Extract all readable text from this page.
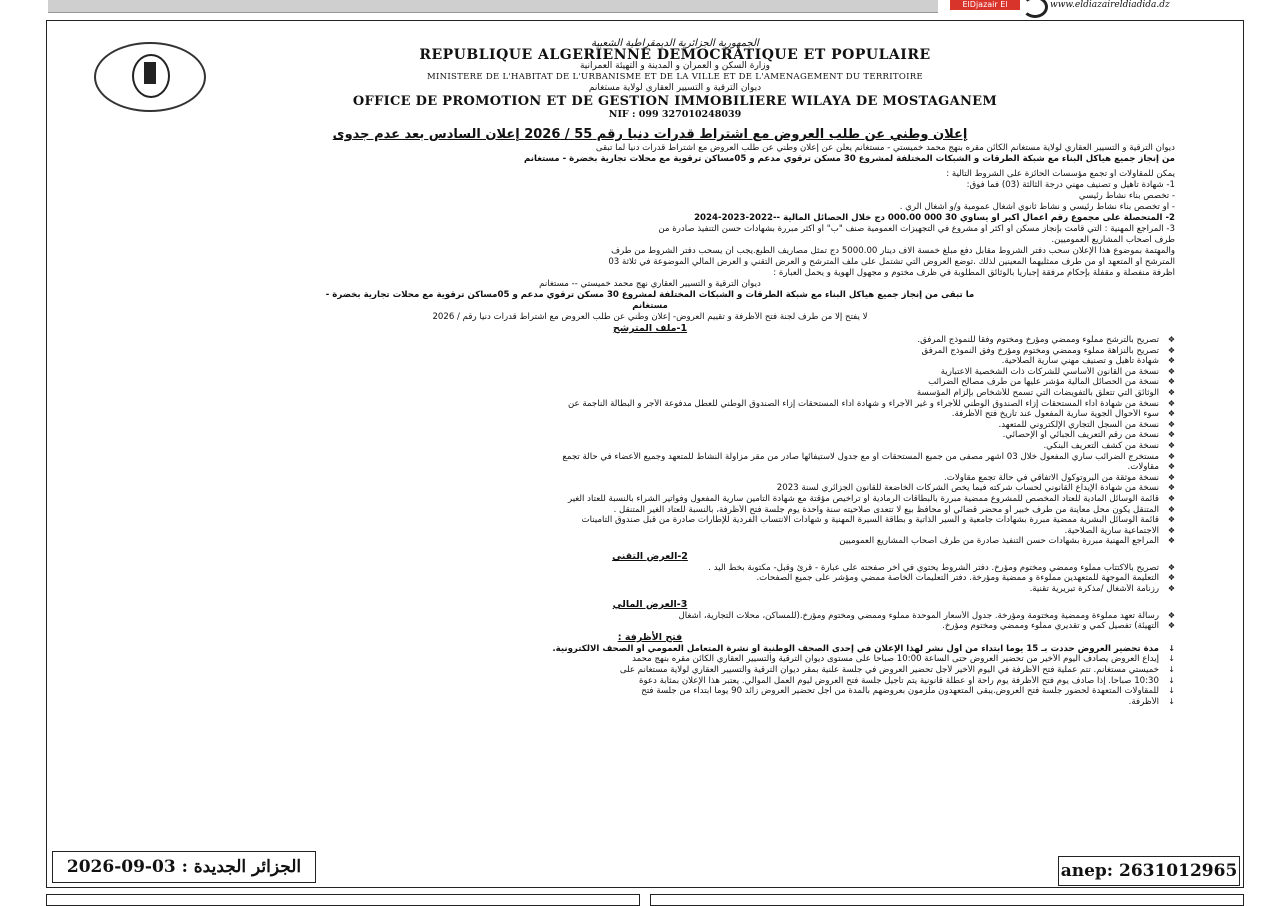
ElDjazair El Djadida
www.eldiazaireldiadida.dz
الجمهورية الجزائرية الديمقراطية الشعبية
REPUBLIQUE ALGERIENNE DEMOCRATIQUE ET POPULAIRE
وزارة السكن و العمران و المدينة و التهيئة العمرانية
MINISTERE DE L'HABITAT DE L'URBANISME ET DE LA VILLE ET DE L'AMENAGEMENT DU TERRITOIRE
ديوان الترقية و التسيير العقاري لولاية مستغانم
OFFICE DE PROMOTION ET DE GESTION IMMOBILIERE WILAYA DE MOSTAGANEM
NIF : 099 327010248039
إعلان وطني عن طلب العروض مع اشتراط قدرات دنيا رقم 55 / 2026 إعلان السادس بعد عدم جدوى
ديوان الترقية و التسيير العقاري لولاية مستغانم الكائن مقره بنهج محمد خميستي - مستغانم يعلن عن إعلان وطني عن طلب العروض مع اشتراط قدرات دنيا لما تبقى
من إنجاز جميع هياكل البناء مع شبكة الطرقات و الشبكات المختلفة لمشروع 30 مسكن ترقوي مدعم و 05مساكن ترقوية مع محلات تجارية بخضرة - مستغانم
يمكن للمقاولات أو تجمع مؤسسات الحائزة على الشروط التالية :
1- شهادة تأهيل و تصنيف مهني درجة الثالثة (03) فما فوق:
- تخصص بناء نشاط رئيسي
- أو تخصص بناء نشاط رئيسي و نشاط ثانوي أشغال عمومية و/و أشغال الري .
2- المتحصلة على مجموع رقم أعمال أكبر أو يساوي 30 000 000.00 دج خلال الحصائل المالية --2022-2023-2024
3- المراجع المهنية : التي قامت بإنجاز مسكن أو أكثر أو مشروع في التجهيزات العمومية صنف "ب" أو أكثر مبررة بشهادات حسن التنفيذ صادرة من
طرف أصحاب المشاريع العموميين.
والمهتمة بموضوع هذا الإعلان سحب دفتر الشروط مقابل دفع مبلغ خمسة آلاف دينار 5000.00 دج تمثل مصاريف الطبع.يجب أن يسحب دفتر الشروط من طرف
المترشح أو المتعهد أو من طرف ممثليهما المعينين لذلك .توضع العروض التي تشتمل على ملف المترشح و العرض التقني و العرض المالي الموضوعة في ثلاثة 03
أظرفة منفصلة و مقفلة بإحكام مرفقة إجباريا بالوثائق المطلوبة في ظرف مختوم و مجهول الهوية و يحمل العبارة :
ديوان الترقية و التسيير العقاري نهج محمد خميستي -- مستغانم
ما تبقى من إنجاز جميع هياكل البناء مع شبكة الطرقات و الشبكات المختلفة لمشروع 30 مسكن ترقوي مدعم و 05مساكن ترقوية مع محلات تجارية بخضرة -
مستغانم
لا يفتح إلا من طرف لجنة فتح الأظرفة و تقييم العروض- إعلان وطني عن طلب العروض مع اشتراط قدرات دنيا رقم / 2026
1-ملف المترشح
❖ تصريح بالترشح مملوء وممضي ومؤرخ ومختوم وفقا للنموذج المرفق.
❖ تصريح بالنزاهة مملوء وممضي ومختوم ومؤرخ وفق النموذج المرفق
❖ شهادة تأهيل و تصنيف مهني سارية الصلاحية.
❖ نسخة من القانون الأساسي للشركات ذات الشخصية الاعتبارية
❖ نسخة من الحصائل المالية مؤشر عليها من طرف مصالح الضرائب
❖ الوثائق التي تتعلق بالتفويضات التي تسمح للأشخاص بإلزام المؤسسة
❖ نسخة من شهادة أداء المستحقات إزاء الصندوق الوطني للأجراء و غير الأجراء و شهادة أداء المستحقات إزاء الصندوق الوطني للعطل مدفوعة الأجر و البطالة الناجمة عن
❖ سوء الأحوال الجوية سارية المفعول عند تاريخ فتح الأظرفة.
❖ نسخة من السجل التجاري الإلكتروني للمتعهد.
❖ نسخة من رقم التعريف الجبائي أو الإحصائي.
❖ نسخة من كشف التعريف البنكي.
❖ مستخرج الضرائب ساري المفعول خلال 03 أشهر مصفى من جميع المستحقات أو مع جدول لاستيفائها صادر من مقر مزاولة النشاط للمتعهد وجميع الأعضاء في حالة تجمع
❖ مقاولات.
❖ نسخة موثقة من البروتوكول الاتفاقي في حالة تجمع مقاولات.
❖ نسخة من شهادة الإيداع القانوني لحساب شركته فيما يخص الشركات الخاضعة للقانون الجزائري لسنة 2023
❖ قائمة الوسائل المادية للعتاد المخصص للمشروع ممضية مبررة بالبطاقات الرمادية أو تراخيص مؤقتة مع شهادة التأمين سارية المفعول وفواتير الشراء بالنسبة للعتاد الغير
❖ المتنقل يكون محل معاينة من طرف خبير أو محضر قضائي أو محافظ بيع لا تتعدى صلاحيته سنة واحدة يوم جلسة فتح الأظرفة، بالنسبة للعتاد الغير المتنقل .
❖ قائمة الوسائل البشرية ممضية مبررة بشهادات جامعية و السير الذاتية و بطاقة السيرة المهنية و شهادات الانتساب الفردية للإطارات صادرة من قبل صندوق التأمينات
❖ الاجتماعية سارية الصلاحية.
❖ المراجع المهنية مبررة بشهادات حسن التنفيذ صادرة من طرف أصحاب المشاريع العموميين
2-العرض التقني
❖ تصريح بالاكتتاب مملوء وممضي ومختوم ومؤرخ. دفتر الشروط يحتوي في آخر صفحته على عبارة - قرئ وقبل- مكتوبة بخط اليد .
❖ التعليمة الموجهة للمتعهدين مملوءة و ممضية ومؤرخة. دفتر التعليمات الخاصة ممضي ومؤشر على جميع الصفحات.
❖ رزنامة الأشغال /مذكرة تبريرية تقنية.
3-العرض المالي
❖ رسالة تعهد مملوءة وممضية ومختومة ومؤرخة. جدول الأسعار الموحدة مملوء وممضي ومختوم ومؤرخ.(للمساكن، محلات التجارية، أشغال
❖ التهيئة) تفصيل كمي و تقديري مملوء وممضي ومختوم ومؤرخ.
فتح الأظرفة :
↓ مدة تحضير العروض حددت بـ 15 يوما ابتداء من أول نشر لهذا الإعلان في إحدى الصحف الوطنية أو نشرة المتعامل العمومي أو الصحف الالكترونية.
↓ إيداع العروض يصادف اليوم الأخير من تحضير العروض حتى الساعة 10:00 صباحا على مستوى ديوان الترقية والتسيير العقاري الكائن مقره بنهج محمد
↓ خميستي مستغانم. تتم عملية فتح الأظرفة في اليوم الأخير لأجل تحضير العروض في جلسة علنية بمقر ديوان الترقية والتسيير العقاري لولاية مستغانم على
↓ 10:30 صباحا. إذا صادف يوم فتح الأظرفة يوم راحة أو عطلة قانونية يتم تأجيل جلسة فتح العروض ليوم العمل الموالي. يعتبر هذا الإعلان بمثابة دعوة
↓ للمقاولات المتعهدة لحضور جلسة فتح العروض.يبقى المتعهدون ملزمون بعروضهم بالمدة من أجل تحضير العروض زائد 90 يوما ابتداء من جلسة فتح
↓ الأظرفة.
الجزائر الجديدة : 03-09-2026	anep: 2631012965
